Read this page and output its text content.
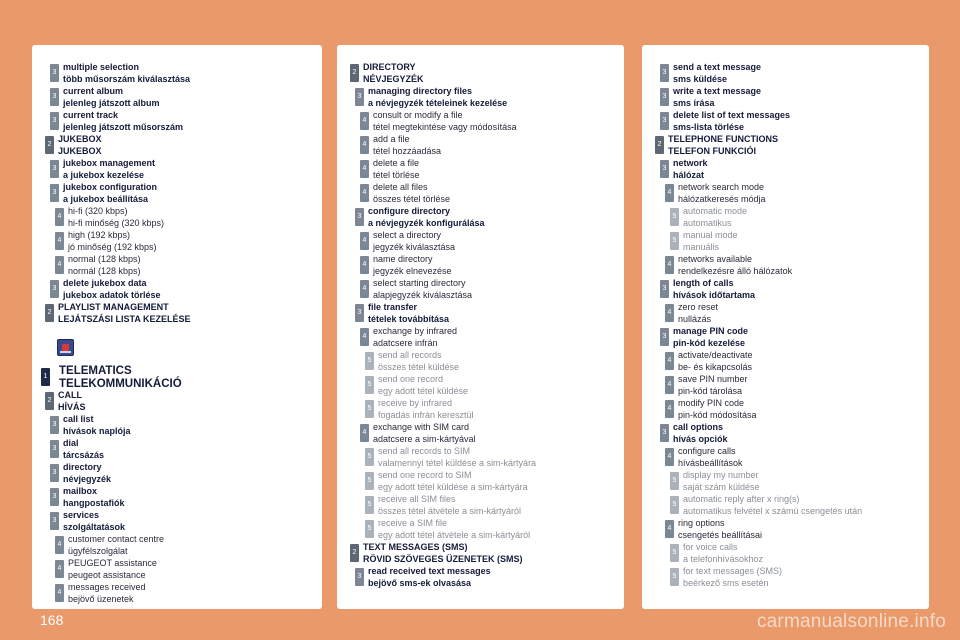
3
multiple selection
több műsorszám kiválasztása
3
current album
jelenleg játszott album
3
current track
jelenleg játszott műsorszám
2
JUKEBOX
JUKEBOX
3
jukebox management
a jukebox kezelése
3
jukebox configuration
a jukebox beállítása
4
hi-fi (320 kbps)
hi-fi minőség (320 kbps)
4
high (192 kbps)
jó minőség (192 kbps)
4
normal (128 kbps)
normál (128 kbps)
3
delete jukebox data
jukebox adatok törlése
2
PLAYLIST MANAGEMENT
LEJÁTSZÁSI LISTA KEZELÉSE
1 TELEMATICS
TELEKOMMUNIKÁCIÓ
2
CALL
HÍVÁS
3
call list
hívások naplója
3
dial
tárcsázás
3
directory
névjegyzék
3
mailbox
hangpostafiók
3
services
szolgáltatások
4
customer contact centre
ügyfélszolgálat
4
PEUGEOT assistance
peugeot assistance
4
messages received
bejövő üzenetek
2
DIRECTORY
NÉVJEGYZÉK
3
managing directory files
a névjegyzék tételeinek kezelése
4
consult or modify a file
tétel megtekintése vagy módosítása
4
add a file
tétel hozzáadása
4
delete a file
tétel törlése
4
delete all files
összes tétel törlése
3
configure directory
a névjegyzék konfigurálása
4
select a directory
jegyzék kiválasztása
4
name directory
jegyzék elnevezése
4
select starting directory
alapjegyzék kiválasztása
3
file transfer
tételek továbbítása
4
exchange by infrared
adatcsere infrán
5
send all records
összes tétel küldése
5
send one record
egy adott tétel küldése
5
receive by infrared
fogadás infrán keresztül
4
exchange with SIM card
adatcsere a sim-kártyával
5
send all records to SIM
valamennyi tétel küldése a sim-kártyára
5
send one record to SIM
egy adott tétel küldése a sim-kártyára
5
receive all SIM files
összes tétel átvétele a sim-kártyáról
5
receive a SIM file
egy adott tétel átvétele a sim-kártyáról
2
TEXT MESSAGES (SMS)
RÖVID SZÖVEGES ÜZENETEK (SMS)
3
read received text messages
bejövő sms-ek olvasása
3
send a text message
sms küldése
3
write a text message
sms írása
3
delete list of text messages
sms-lista törlése
2
TELEPHONE FUNCTIONS
TELEFON FUNKCIÓI
3
network
hálózat
4
network search mode
hálózatkeresés módja
5
automatic mode
automatikus
5
manual mode
manuális
4
networks available
rendelkezésre álló hálózatok
3
length of calls
hívások időtartama
4
zero reset
nullázás
3
manage PIN code
pin-kód kezelése
4
activate/deactivate
be- és kikapcsolás
4
save PIN number
pin-kód tárolása
4
modify PIN code
pin-kód módosítása
3
call options
hívás opciók
4
configure calls
hívásbeállítások
5
display my number
saját szám küldése
5
automatic reply after x ring(s)
automatikus felvétel x számú csengetés után
4
ring options
csengetés beállításai
5
for voice calls
a telefonhívásokhoz
5
for text messages (SMS)
beérkező sms esetén
168	carmanualsonline.info
